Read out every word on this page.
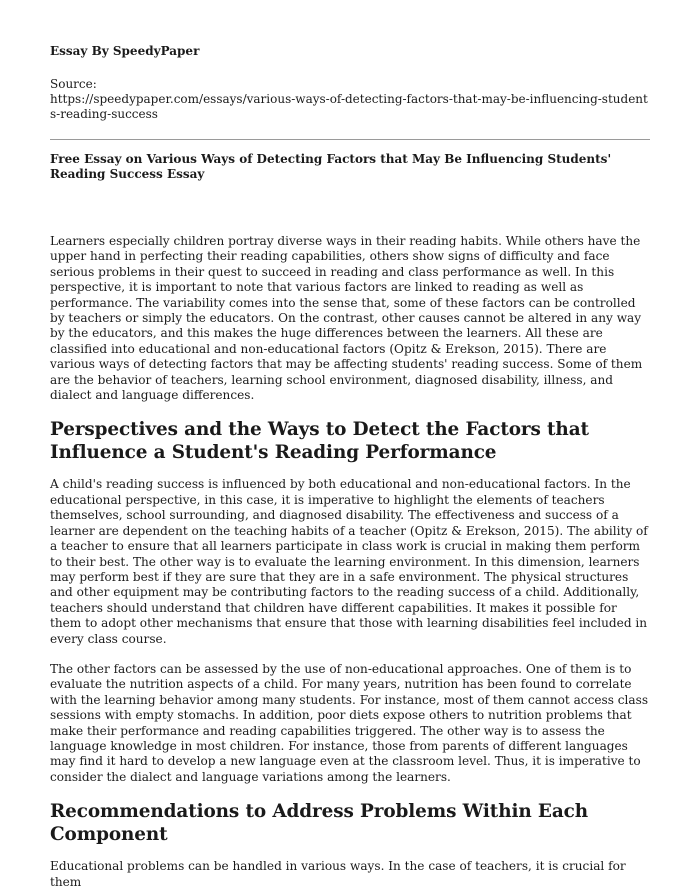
Essay By SpeedyPaper
Source:
https://speedypaper.com/essays/various-ways-of-detecting-factors-that-may-be-influencing-students-reading-success
Free Essay on Various Ways of Detecting Factors that May Be Influencing Students' Reading Success Essay

Learners especially children portray diverse ways in their reading habits. While others have the upper hand in perfecting their reading capabilities, others show signs of difficulty and face serious problems in their quest to succeed in reading and class performance as well. In this perspective, it is important to note that various factors are linked to reading as well as performance. The variability comes into the sense that, some of these factors can be controlled by teachers or simply the educators. On the contrast, other causes cannot be altered in any way by the educators, and this makes the huge differences between the learners. All these are classified into educational and non-educational factors (Opitz & Erekson, 2015). There are various ways of detecting factors that may be affecting students' reading success. Some of them are the behavior of teachers, learning school environment, diagnosed disability, illness, and dialect and language differences.

Perspectives and the Ways to Detect the Factors that Influence a Student's Reading Performance

A child's reading success is influenced by both educational and non-educational factors. In the educational perspective, in this case, it is imperative to highlight the elements of teachers themselves, school surrounding, and diagnosed disability. The effectiveness and success of a learner are dependent on the teaching habits of a teacher (Opitz & Erekson, 2015). The ability of a teacher to ensure that all learners participate in class work is crucial in making them perform to their best. The other way is to evaluate the learning environment. In this dimension, learners may perform best if they are sure that they are in a safe environment. The physical structures and other equipment may be contributing factors to the reading success of a child. Additionally, teachers should understand that children have different capabilities. It makes it possible for them to adopt other mechanisms that ensure that those with learning disabilities feel included in every class course.

The other factors can be assessed by the use of non-educational approaches. One of them is to evaluate the nutrition aspects of a child. For many years, nutrition has been found to correlate with the learning behavior among many students. For instance, most of them cannot access class sessions with empty stomachs. In addition, poor diets expose others to nutrition problems that make their performance and reading capabilities triggered. The other way is to assess the language knowledge in most children. For instance, those from parents of different languages may find it hard to develop a new language even at the classroom level. Thus, it is imperative to consider the dialect and language variations among the learners.

Recommendations to Address Problems Within Each Component

Educational problems can be handled in various ways. In the case of teachers, it is crucial for them
